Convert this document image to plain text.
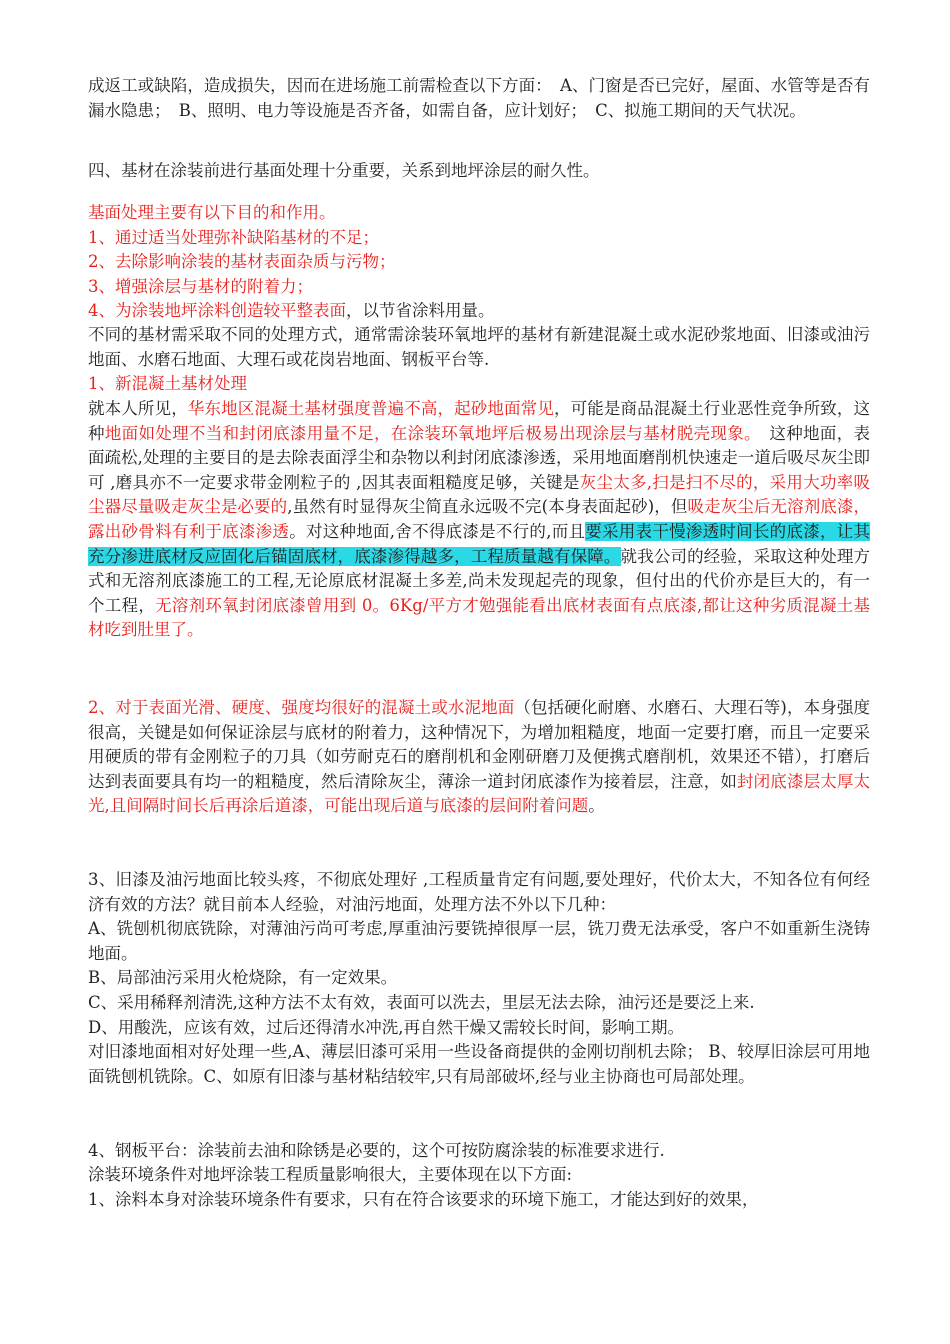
成返工或缺陷，造成损失，因而在进场施工前需检查以下方面：　A、门窗是否已完好，屋面、水管等是否有漏水隐患；　B、照明、电力等设施是否齐备，如需自备，应计划好；　C、拟施工期间的天气状况。

四、基材在涂装前进行基面处理十分重要，关系到地坪涂层的耐久性。

基面处理主要有以下目的和作用。

1、通过适当处理弥补缺陷基材的不足；

2、去除影响涂装的基材表面杂质与污物；

3、增强涂层与基材的附着力；

4、为涂装地坪涂料创造较平整表面，以节省涂料用量。

不同的基材需采取不同的处理方式，通常需涂装环氧地坪的基材有新建混凝土或水泥砂浆地面、旧漆或油污地面、水磨石地面、大理石或花岗岩地面、钢板平台等.

1、新混凝土基材处理

就本人所见，华东地区混凝土基材强度普遍不高，起砂地面常见，可能是商品混凝土行业恶性竞争所致，这种地面如处理不当和封闭底漆用量不足，在涂装环氧地坪后极易出现涂层与基材脱壳现象。　这种地面，表面疏松,处理的主要目的是去除表面浮尘和杂物以利封闭底漆渗透，采用地面磨削机快速走一道后吸尽灰尘即可 ,磨具亦不一定要求带金刚粒子的 ,因其表面粗糙度足够，关键是灰尘太多,扫是扫不尽的，采用大功率吸尘器尽量吸走灰尘是必要的,虽然有时显得灰尘简直永远吸不完(本身表面起砂)，但吸走灰尘后无溶剂底漆，露出砂骨料有利于底漆渗透。对这种地面,舍不得底漆是不行的,而且要采用表干慢渗透时间长的底漆，让其充分渗进底材反应固化后锚固底材，底漆渗得越多，工程质量越有保障。就我公司的经验，采取这种处理方式和无溶剂底漆施工的工程,无论原底材混凝土多差,尚未发现起壳的现象，但付出的代价亦是巨大的，有一个工程，无溶剂环氧封闭底漆曾用到 0。6Kg/平方才勉强能看出底材表面有点底漆,都让这种劣质混凝土基材吃到肚里了。

2、对于表面光滑、硬度、强度均很好的混凝土或水泥地面（包括硬化耐磨、水磨石、大理石等)，本身强度很高，关键是如何保证涂层与底材的附着力，这种情况下，为增加粗糙度，地面一定要打磨，而且一定要采用硬质的带有金刚粒子的刀具（如劳耐克石的磨削机和金刚研磨刀及便携式磨削机，效果还不错），打磨后达到表面要具有均一的粗糙度，然后清除灰尘，薄涂一道封闭底漆作为接着层，注意，如封闭底漆层太厚太光,且间隔时间长后再涂后道漆，可能出现后道与底漆的层间附着问题。

3、旧漆及油污地面比较头疼，不彻底处理好 ,工程质量肯定有问题,要处理好，代价太大，不知各位有何经济有效的方法？就目前本人经验，对油污地面，处理方法不外以下几种：

A、铣刨机彻底铣除，对薄油污尚可考虑,厚重油污要铣掉很厚一层，铣刀费无法承受，客户不如重新生浇铸地面。

B、局部油污采用火枪烧除，有一定效果。

C、采用稀释剂清洗,这种方法不太有效，表面可以洗去，里层无法去除，油污还是要泛上来.

D、用酸洗，应该有效，过后还得清水冲洗,再自然干燥又需较长时间，影响工期。

对旧漆地面相对好处理一些,A、薄层旧漆可采用一些设备商提供的金刚切削机去除； B、较厚旧涂层可用地面铣刨机铣除。C、如原有旧漆与基材粘结较牢,只有局部破坏,经与业主协商也可局部处理。

4、钢板平台：涂装前去油和除锈是必要的，这个可按防腐涂装的标准要求进行.

涂装环境条件对地坪涂装工程质量影响很大，主要体现在以下方面:

1、涂料本身对涂装环境条件有要求，只有在符合该要求的环境下施工，才能达到好的效果，
